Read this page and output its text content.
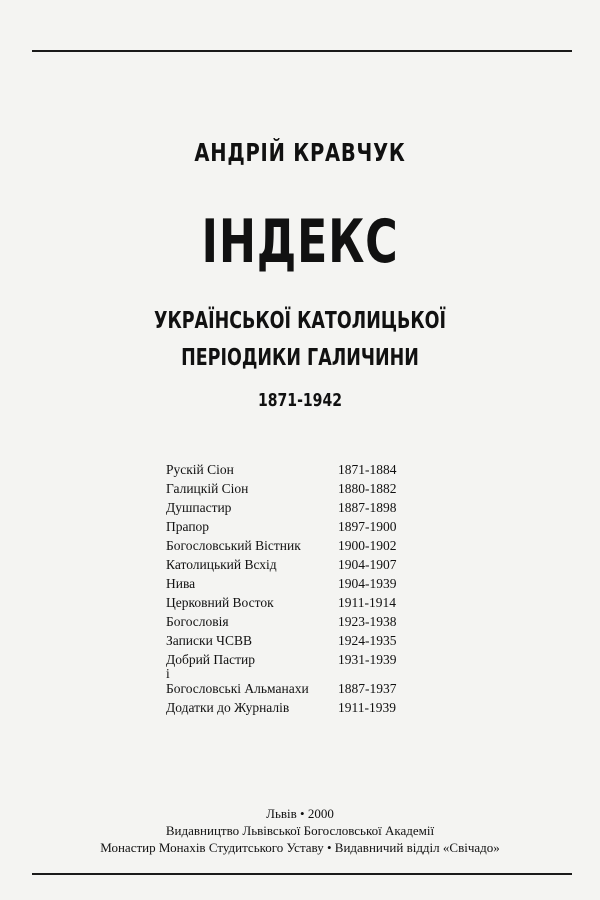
АНДРІЙ КРАВЧУК
ІНДЕКС
УКРАЇНСЬКОЇ КАТОЛИЦЬКОЇ
ПЕРІОДИКИ ГАЛИЧИНИ
1871-1942
Рускій Сіон	1871-1884
Галицкій Сіон	1880-1882
Душпастир	1887-1898
Прапор	1897-1900
Богословський Вістник	1900-1902
Католицький Всхід	1904-1907
Нива	1904-1939
Церковний Восток	1911-1914
Богословія	1923-1938
Записки ЧСВВ	1924-1935
Добрий Пастир	1931-1939
і
Богословські Альманахи	1887-1937
Додатки до Журналів	1911-1939
Львів • 2000
Видавництво Львівської Богословської Академії
Монастир Монахів Студитського Уставу • Видавничий відділ «Свічадо»
